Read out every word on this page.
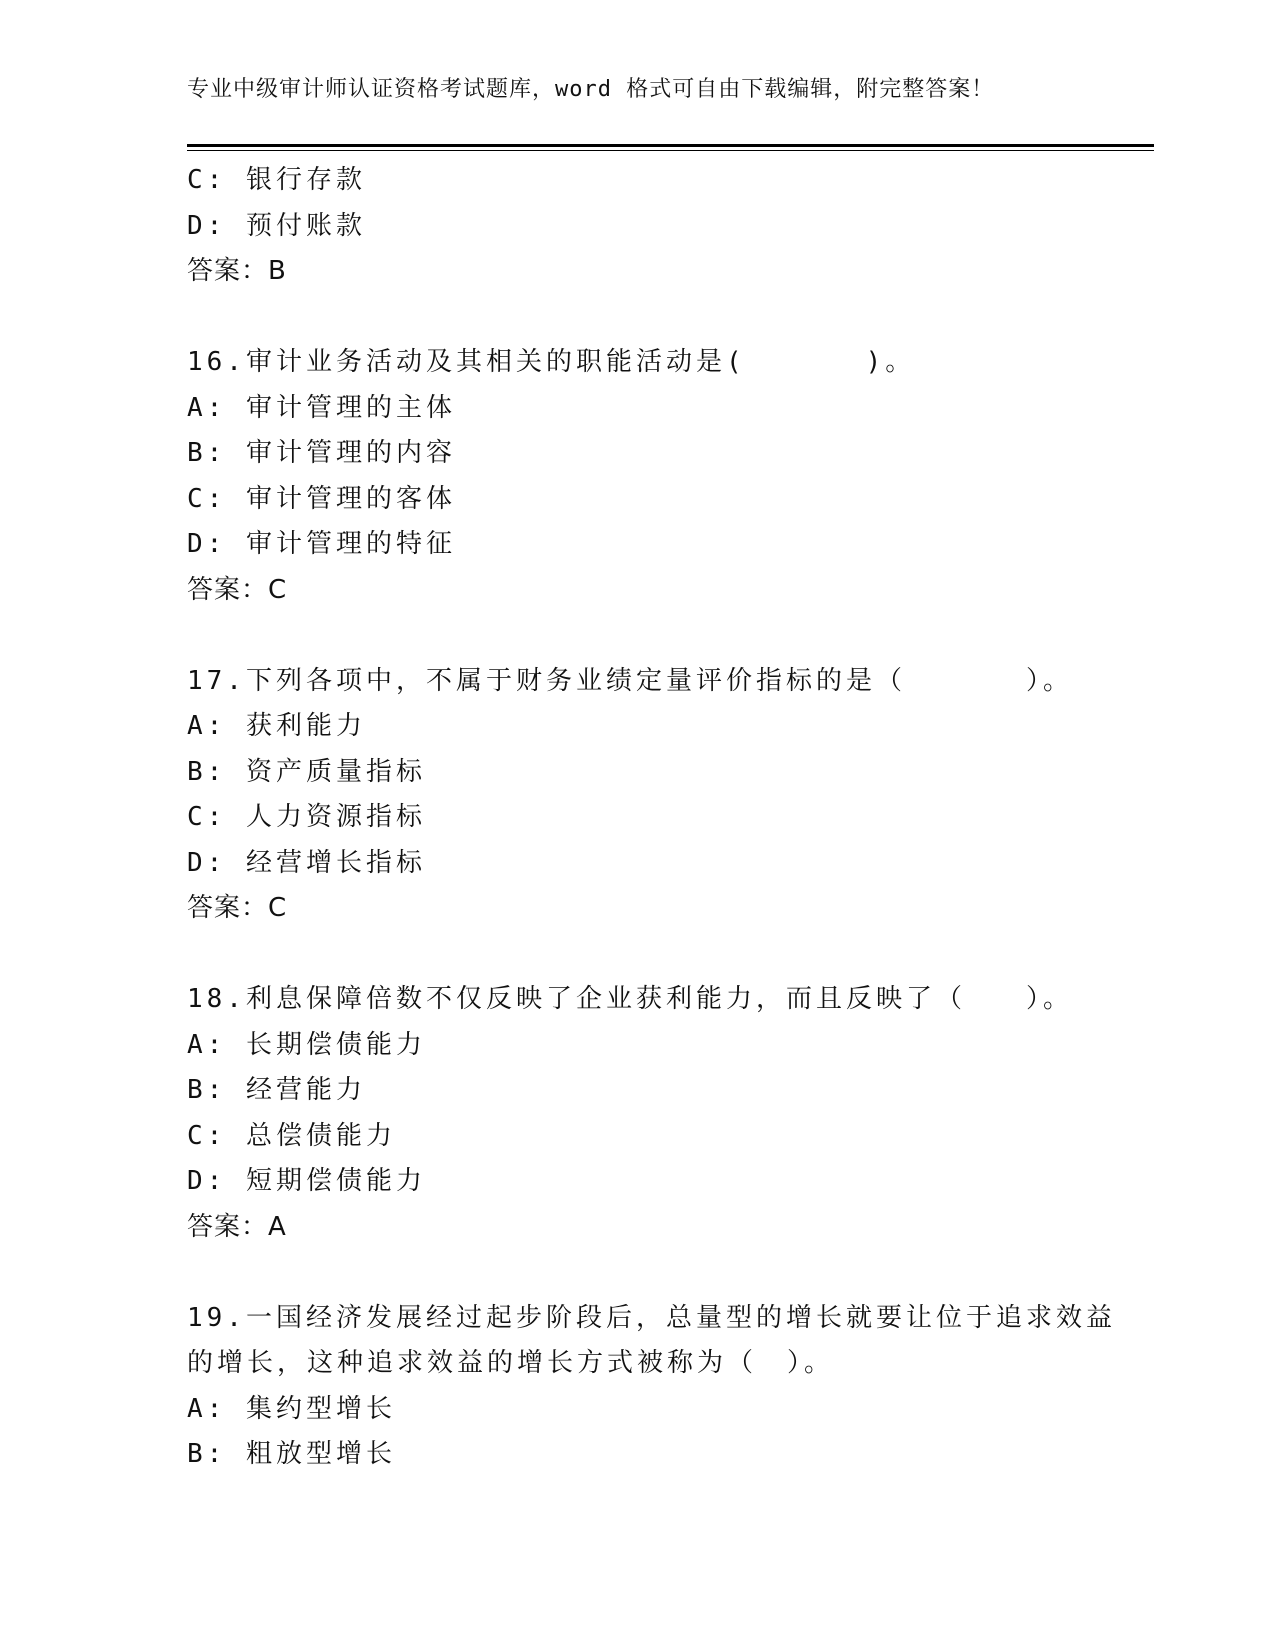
专业中级审计师认证资格考试题库，word 格式可自由下载编辑，附完整答案！
C: 银行存款
D: 预付账款
答案：B
16.审计业务活动及其相关的职能活动是(　　　　)。
A: 审计管理的主体
B: 审计管理的内容
C: 审计管理的客体
D: 审计管理的特征
答案：C
17.下列各项中，不属于财务业绩定量评价指标的是（　　　　）。
A: 获利能力
B: 资产质量指标
C: 人力资源指标
D: 经营增长指标
答案：C
18.利息保障倍数不仅反映了企业获利能力，而且反映了（　　）。
A: 长期偿债能力
B: 经营能力
C: 总偿债能力
D: 短期偿债能力
答案：A
19.一国经济发展经过起步阶段后，总量型的增长就要让位于追求效益
的增长，这种追求效益的增长方式被称为（　）。
A: 集约型增长
B: 粗放型增长
